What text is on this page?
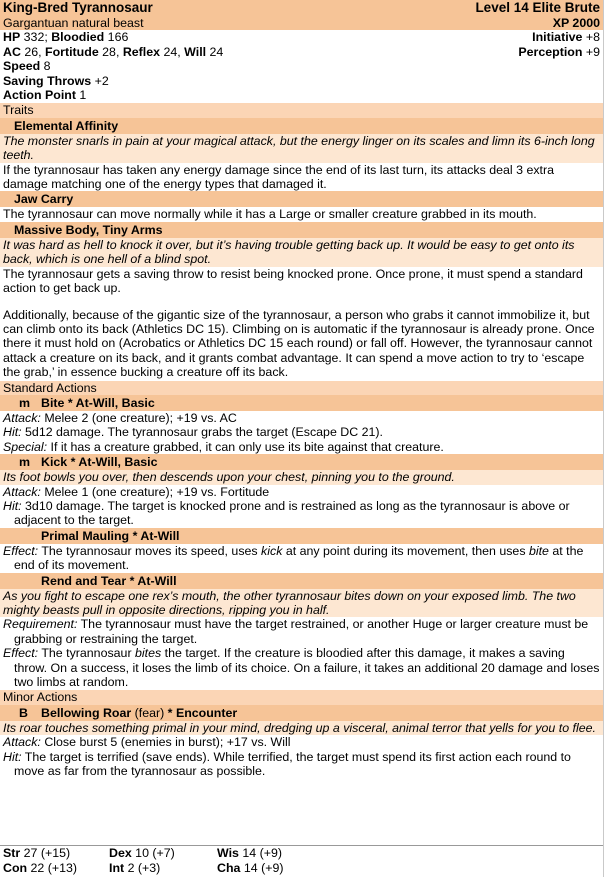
King-Bred Tyrannosaur	Level 14 Elite Brute
Gargantuan natural beast	XP 2000
HP 332; Bloodied 166	Initiative +8
AC 26, Fortitude 28, Reflex 24, Will 24	Perception +9
Speed 8
Saving Throws +2
Action Point 1
Traits
Elemental Affinity
The monster snarls in pain at your magical attack, but the energy linger on its scales and limn its 6-inch long teeth.
If the tyrannosaur has taken any energy damage since the end of its last turn, its attacks deal 3 extra damage matching one of the energy types that damaged it.
Jaw Carry
The tyrannosaur can move normally while it has a Large or smaller creature grabbed in its mouth.
Massive Body, Tiny Arms
It was hard as hell to knock it over, but it’s having trouble getting back up. It would be easy to get onto its back, which is one hell of a blind spot.
The tyrannosaur gets a saving throw to resist being knocked prone. Once prone, it must spend a standard action to get back up.
Additionally, because of the gigantic size of the tyrannosaur, a person who grabs it cannot immobilize it, but can climb onto its back (Athletics DC 15). Climbing on is automatic if the tyrannosaur is already prone. Once there it must hold on (Acrobatics or Athletics DC 15 each round) or fall off. However, the tyrannosaur cannot attack a creature on its back, and it grants combat advantage. It can spend a move action to try to ‘escape the grab,’ in essence bucking a creature off its back.
Standard Actions
m Bite * At-Will, Basic
Attack: Melee 2 (one creature); +19 vs. AC
Hit: 5d12 damage. The tyrannosaur grabs the target (Escape DC 21).
Special: If it has a creature grabbed, it can only use its bite against that creature.
m Kick * At-Will, Basic
Its foot bowls you over, then descends upon your chest, pinning you to the ground.
Attack: Melee 1 (one creature); +19 vs. Fortitude
Hit: 3d10 damage. The target is knocked prone and is restrained as long as the tyrannosaur is above or adjacent to the target.
Primal Mauling * At-Will
Effect: The tyrannosaur moves its speed, uses kick at any point during its movement, then uses bite at the end of its movement.
Rend and Tear * At-Will
As you fight to escape one rex’s mouth, the other tyrannosaur bites down on your exposed limb. The two mighty beasts pull in opposite directions, ripping you in half.
Requirement: The tyrannosaur must have the target restrained, or another Huge or larger creature must be grabbing or restraining the target.
Effect: The tyrannosaur bites the target. If the creature is bloodied after this damage, it makes a saving throw. On a success, it loses the limb of its choice. On a failure, it takes an additional 20 damage and loses two limbs at random.
Minor Actions
B Bellowing Roar (fear) * Encounter
Its roar touches something primal in your mind, dredging up a visceral, animal terror that yells for you to flee.
Attack: Close burst 5 (enemies in burst); +17 vs. Will
Hit: The target is terrified (save ends). While terrified, the target must spend its first action each round to move as far from the tyrannosaur as possible.
Str 27 (+15)	Dex 10 (+7)	Wis 14 (+9)
Con 22 (+13)	Int 2 (+3)	Cha 14 (+9)
